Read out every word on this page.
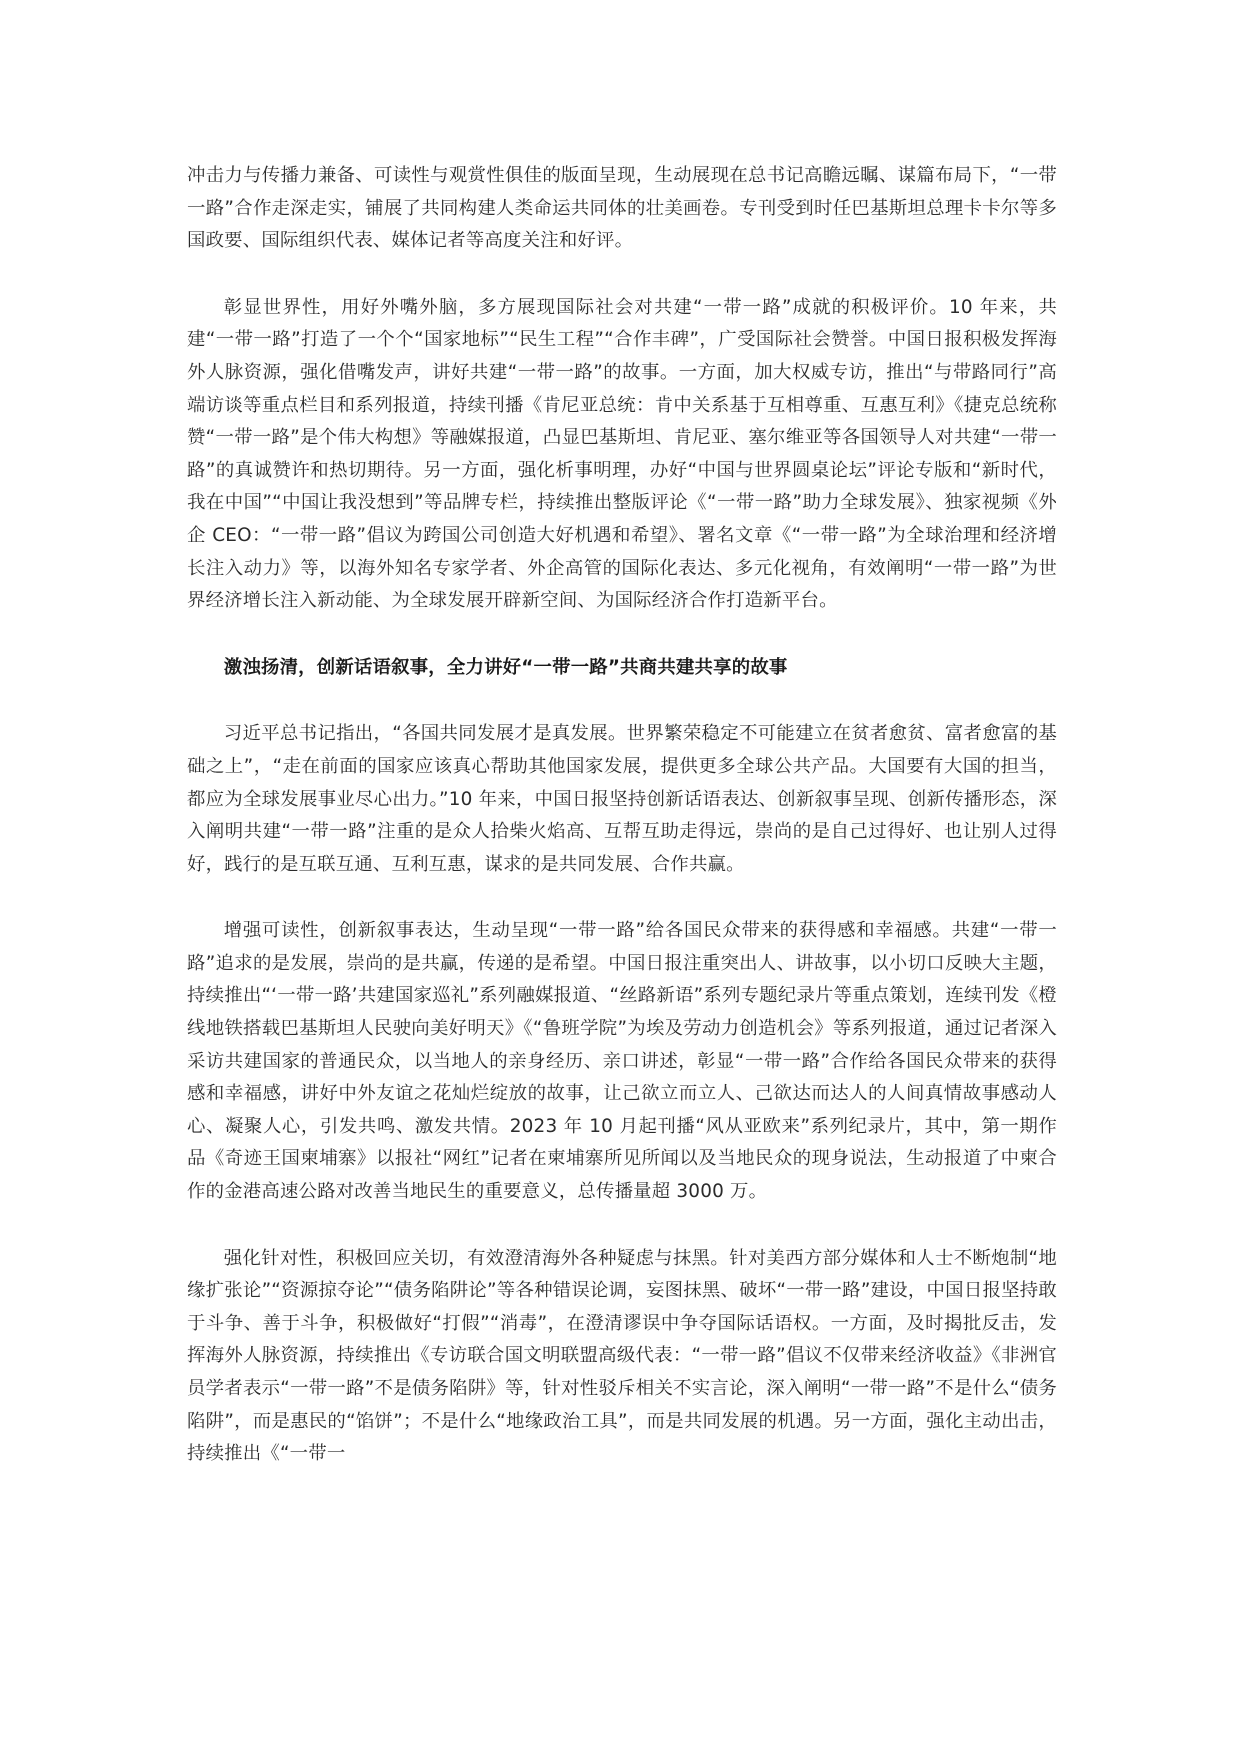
冲击力与传播力兼备、可读性与观赏性俱佳的版面呈现，生动展现在总书记高瞻远瞩、谋篇布局下，“一带一路”合作走深走实，铺展了共同构建人类命运共同体的壮美画卷。专刊受到时任巴基斯坦总理卡卡尔等多国政要、国际组织代表、媒体记者等高度关注和好评。

彰显世界性，用好外嘴外脑，多方展现国际社会对共建“一带一路”成就的积极评价。10 年来，共建“一带一路”打造了一个个“国家地标”“民生工程”“合作丰碑”，广受国际社会赞誉。中国日报积极发挥海外人脉资源，强化借嘴发声，讲好共建“一带一路”的故事。一方面，加大权威专访，推出“与带路同行”高端访谈等重点栏目和系列报道，持续刊播《肯尼亚总统：肯中关系基于互相尊重、互惠互利》《捷克总统称赞“一带一路”是个伟大构想》等融媒报道，凸显巴基斯坦、肯尼亚、塞尔维亚等各国领导人对共建“一带一路”的真诚赞许和热切期待。另一方面，强化析事明理，办好“中国与世界圆桌论坛”评论专版和“新时代，我在中国”“中国让我没想到”等品牌专栏，持续推出整版评论《“一带一路”助力全球发展》、独家视频《外企 CEO：“一带一路”倡议为跨国公司创造大好机遇和希望》、署名文章《“一带一路”为全球治理和经济增长注入动力》等，以海外知名专家学者、外企高管的国际化表达、多元化视角，有效阐明“一带一路”为世界经济增长注入新动能、为全球发展开辟新空间、为国际经济合作打造新平台。

激浊扬清，创新话语叙事，全力讲好“一带一路”共商共建共享的故事

习近平总书记指出，“各国共同发展才是真发展。世界繁荣稳定不可能建立在贫者愈贫、富者愈富的基础之上”，“走在前面的国家应该真心帮助其他国家发展，提供更多全球公共产品。大国要有大国的担当，都应为全球发展事业尽心出力。”10 年来，中国日报坚持创新话语表达、创新叙事呈现、创新传播形态，深入阐明共建“一带一路”注重的是众人拾柴火焰高、互帮互助走得远，崇尚的是自己过得好、也让别人过得好，践行的是互联互通、互利互惠，谋求的是共同发展、合作共赢。

增强可读性，创新叙事表达，生动呈现“一带一路”给各国民众带来的获得感和幸福感。共建“一带一路”追求的是发展，崇尚的是共赢，传递的是希望。中国日报注重突出人、讲故事，以小切口反映大主题，持续推出“‘一带一路’共建国家巡礼”系列融媒报道、“丝路新语”系列专题纪录片等重点策划，连续刊发《橙线地铁搭载巴基斯坦人民驶向美好明天》《“鲁班学院”为埃及劳动力创造机会》等系列报道，通过记者深入采访共建国家的普通民众，以当地人的亲身经历、亲口讲述，彰显“一带一路”合作给各国民众带来的获得感和幸福感，讲好中外友谊之花灿烂绽放的故事，让己欲立而立人、己欲达而达人的人间真情故事感动人心、凝聚人心，引发共鸣、激发共情。2023 年 10 月起刊播“风从亚欧来”系列纪录片，其中，第一期作品《奇迹王国柬埔寨》以报社“网红”记者在柬埔寨所见所闻以及当地民众的现身说法，生动报道了中柬合作的金港高速公路对改善当地民生的重要意义，总传播量超 3000 万。

强化针对性，积极回应关切，有效澄清海外各种疑虑与抹黑。针对美西方部分媒体和人士不断炮制“地缘扩张论”“资源掠夺论”“债务陷阱论”等各种错误论调，妄图抹黑、破坏“一带一路”建设，中国日报坚持敢于斗争、善于斗争，积极做好“打假”“消毒”，在澄清谬误中争夺国际话语权。一方面，及时揭批反击，发挥海外人脉资源，持续推出《专访联合国文明联盟高级代表：“一带一路”倡议不仅带来经济收益》《非洲官员学者表示“一带一路”不是债务陷阱》等，针对性驳斥相关不实言论，深入阐明“一带一路”不是什么“债务陷阱”，而是惠民的“馅饼”；不是什么“地缘政治工具”，而是共同发展的机遇。另一方面，强化主动出击，持续推出《“一带一
